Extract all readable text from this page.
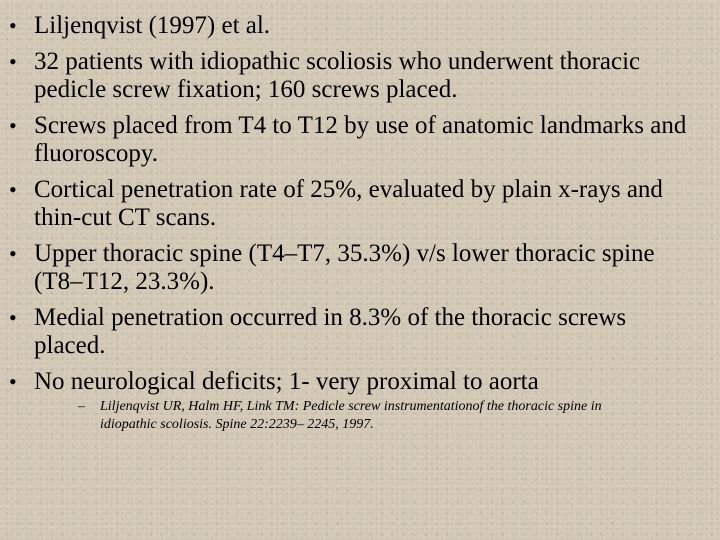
• Liljenqvist (1997) et al.
• 32 patients with idiopathic scoliosis who underwent thoracic pedicle screw fixation; 160 screws placed.
• Screws placed from T4 to T12 by use of anatomic landmarks and fluoroscopy.
• Cortical penetration rate of 25%, evaluated by plain x-rays and thin-cut CT scans.
• Upper thoracic spine (T4–T7, 35.3%) v/s lower thoracic spine (T8–T12, 23.3%).
• Medial penetration occurred in 8.3% of the thoracic screws placed.
• No neurological deficits; 1- very proximal to aorta
– Liljenqvist UR, Halm HF, Link TM: Pedicle screw instrumentationof the thoracic spine in idiopathic scoliosis. Spine 22:2239– 2245, 1997.
